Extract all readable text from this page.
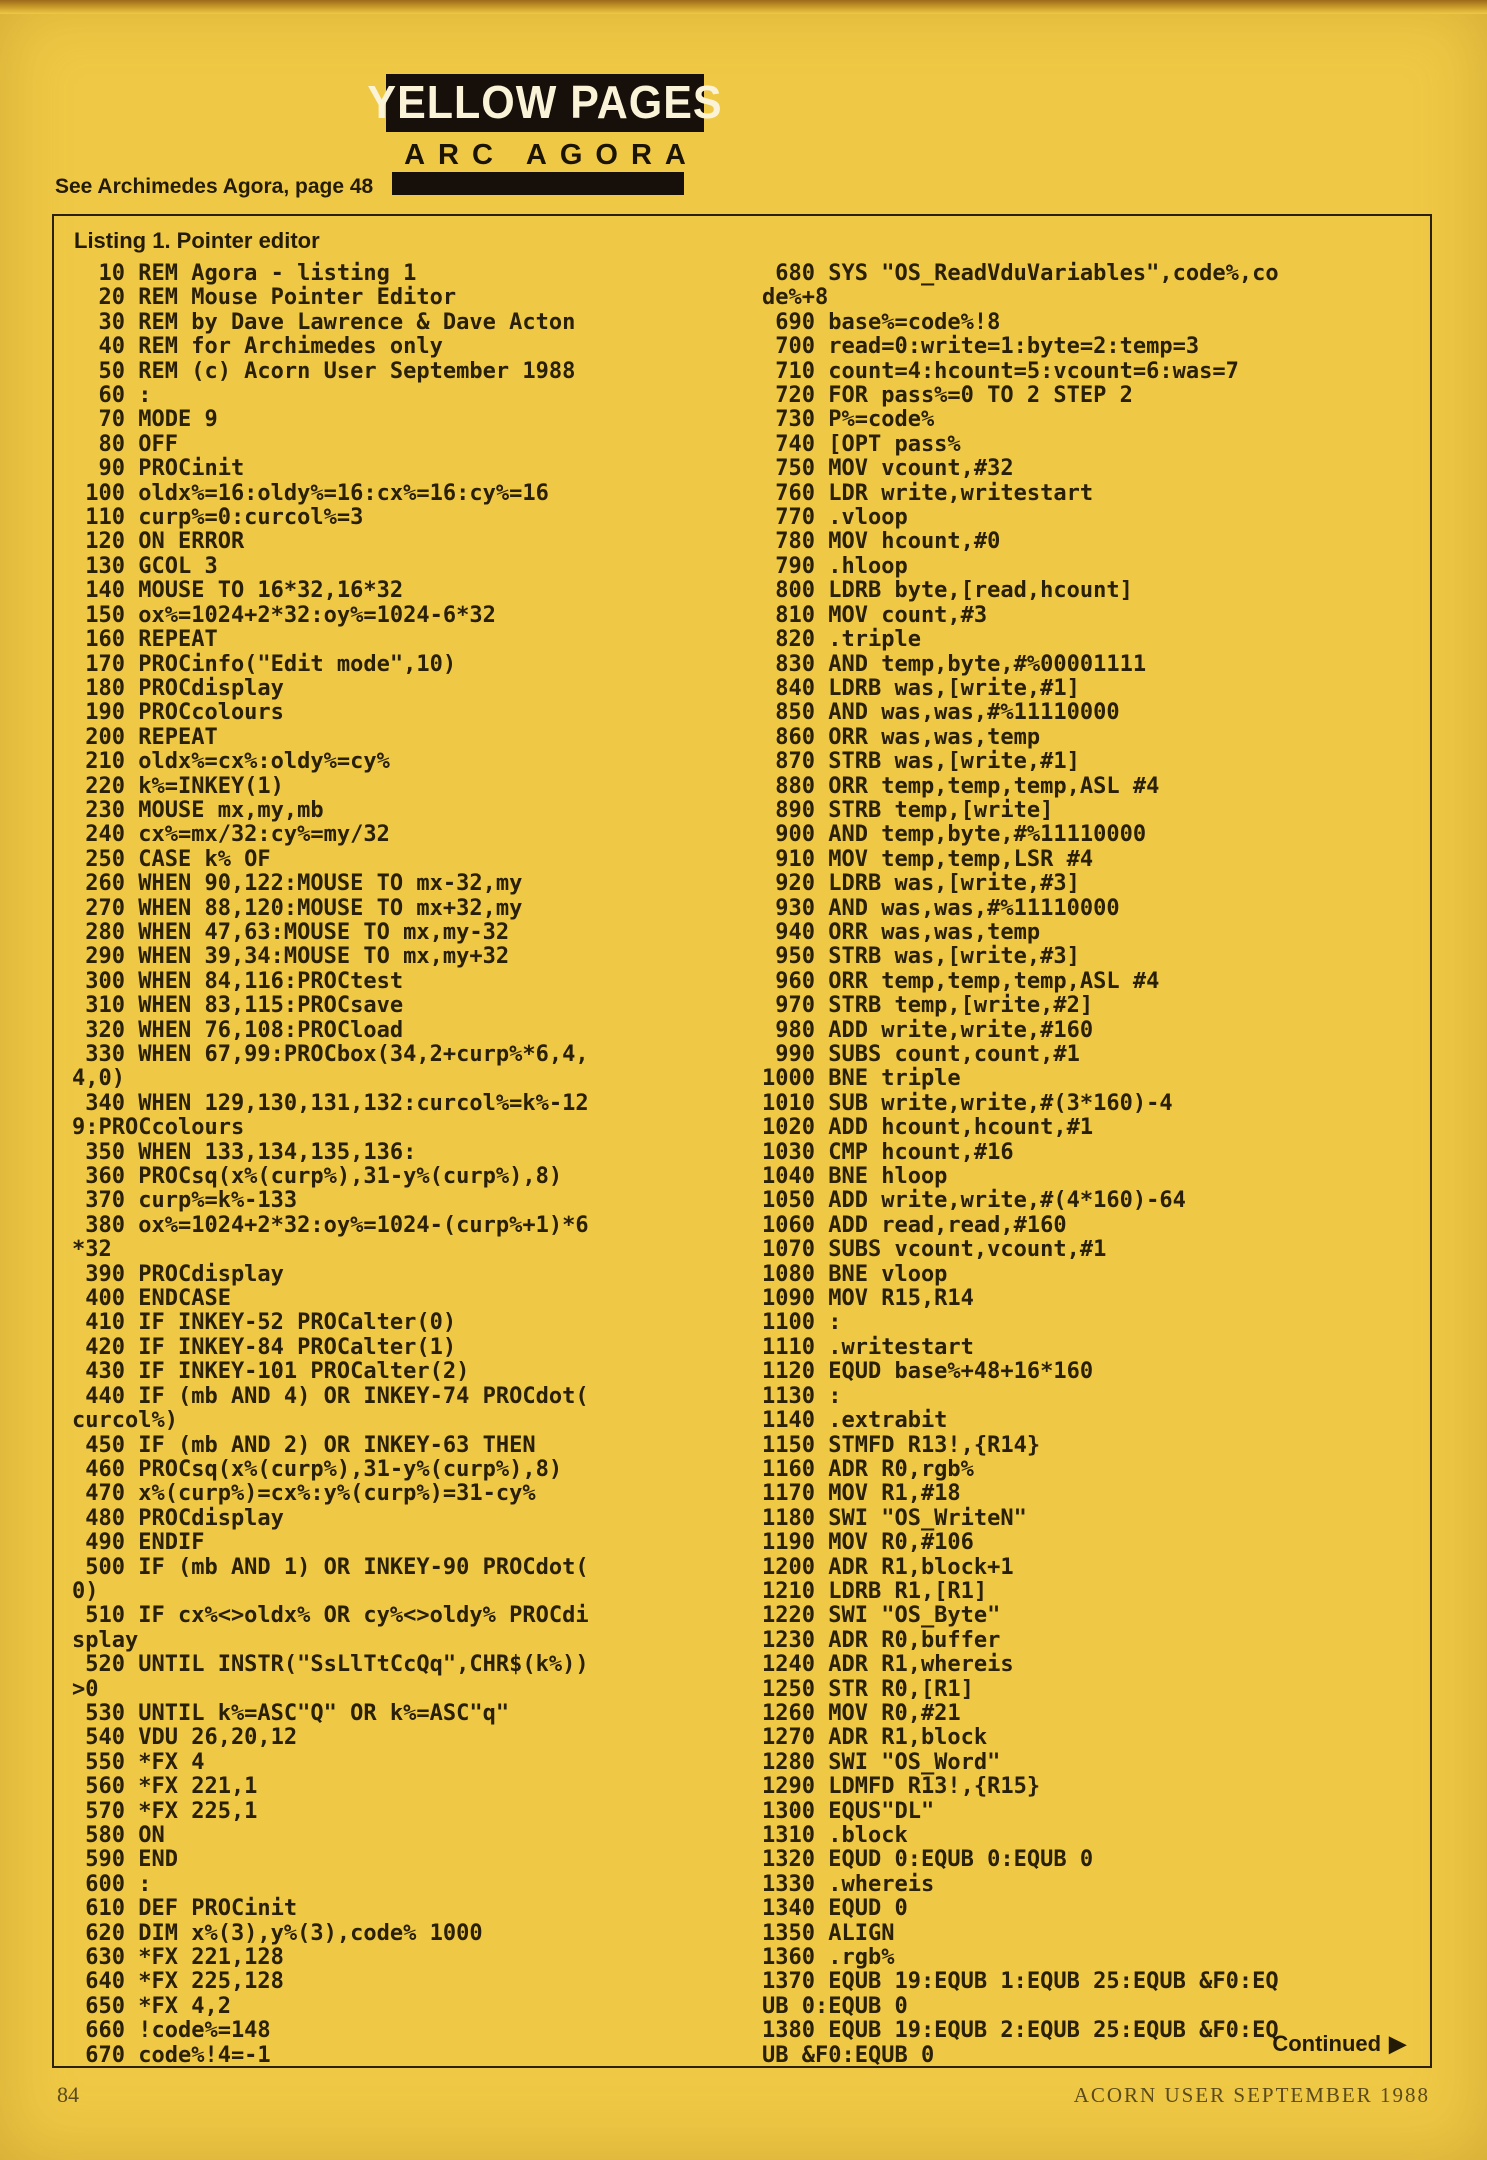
YELLOW PAGES
ARC AGORA
See Archimedes Agora, page 48
Listing 1. Pointer editor
10 REM Agora - listing 1
20 REM Mouse Pointer Editor
30 REM by Dave Lawrence & Dave Acton
40 REM for Archimedes only
50 REM (c) Acorn User September 1988
60 :
70 MODE 9
80 OFF
90 PROCinit
100 oldx%=16:oldy%=16:cx%=16:cy%=16
110 curp%=0:curcol%=3
120 ON ERROR
130 GCOL 3
140 MOUSE TO 16*32,16*32
150 ox%=1024+2*32:oy%=1024-6*32
160 REPEAT
170 PROCinfo("Edit mode",10)
180 PROCdisplay
190 PROCcolours
200 REPEAT
210 oldx%=cx%:oldy%=cy%
220 k%=INKEY(1)
230 MOUSE mx,my,mb
240 cx%=mx/32:cy%=my/32
250 CASE k% OF
260 WHEN 90,122:MOUSE TO mx-32,my
270 WHEN 88,120:MOUSE TO mx+32,my
280 WHEN 47,63:MOUSE TO mx,my-32
290 WHEN 39,34:MOUSE TO mx,my+32
300 WHEN 84,116:PROCtest
310 WHEN 83,115:PROCsave
320 WHEN 76,108:PROCload
330 WHEN 67,99:PROCbox(34,2+curp%*6,4,
4,0)
340 WHEN 129,130,131,132:curcol%=k%-12
9:PROCcolours
350 WHEN 133,134,135,136:
360 PROCsq(x%(curp%),31-y%(curp%),8)
370 curp%=k%-133
380 ox%=1024+2*32:oy%=1024-(curp%+1)*6
*32
390 PROCdisplay
400 ENDCASE
410 IF INKEY-52 PROCalter(0)
420 IF INKEY-84 PROCalter(1)
430 IF INKEY-101 PROCalter(2)
440 IF (mb AND 4) OR INKEY-74 PROCdot(
curcol%)
450 IF (mb AND 2) OR INKEY-63 THEN
460 PROCsq(x%(curp%),31-y%(curp%),8)
470 x%(curp%)=cx%:y%(curp%)=31-cy%
480 PROCdisplay
490 ENDIF
500 IF (mb AND 1) OR INKEY-90 PROCdot(
0)
510 IF cx%<>oldx% OR cy%<>oldy% PROCdi
splay
520 UNTIL INSTR("SsLlTtCcQq",CHR$(k%))
>0
530 UNTIL k%=ASC"Q" OR k%=ASC"q"
540 VDU 26,20,12
550 *FX 4
560 *FX 221,1
570 *FX 225,1
580 ON
590 END
600 :
610 DEF PROCinit
620 DIM x%(3),y%(3),code% 1000
630 *FX 221,128
640 *FX 225,128
650 *FX 4,2
660 !code%=148
670 code%!4=-1
680 SYS "OS_ReadVduVariables",code%,co
de%+8
690 base%=code%!8
700 read=0:write=1:byte=2:temp=3
710 count=4:hcount=5:vcount=6:was=7
720 FOR pass%=0 TO 2 STEP 2
730 P%=code%
740 [OPT pass%
750 MOV vcount,#32
760 LDR write,writestart
770 .vloop
780 MOV hcount,#0
790 .hloop
800 LDRB byte,[read,hcount]
810 MOV count,#3
820 .triple
830 AND temp,byte,#%00001111
840 LDRB was,[write,#1]
850 AND was,was,#%11110000
860 ORR was,was,temp
870 STRB was,[write,#1]
880 ORR temp,temp,temp,ASL #4
890 STRB temp,[write]
900 AND temp,byte,#%11110000
910 MOV temp,temp,LSR #4
920 LDRB was,[write,#3]
930 AND was,was,#%11110000
940 ORR was,was,temp
950 STRB was,[write,#3]
960 ORR temp,temp,temp,ASL #4
970 STRB temp,[write,#2]
980 ADD write,write,#160
990 SUBS count,count,#1
1000 BNE triple
1010 SUB write,write,#(3*160)-4
1020 ADD hcount,hcount,#1
1030 CMP hcount,#16
1040 BNE hloop
1050 ADD write,write,#(4*160)-64
1060 ADD read,read,#160
1070 SUBS vcount,vcount,#1
1080 BNE vloop
1090 MOV R15,R14
1100 :
1110 .writestart
1120 EQUD base%+48+16*160
1130 :
1140 .extrabit
1150 STMFD R13!,{R14}
1160 ADR R0,rgb%
1170 MOV R1,#18
1180 SWI "OS_WriteN"
1190 MOV R0,#106
1200 ADR R1,block+1
1210 LDRB R1,[R1]
1220 SWI "OS_Byte"
1230 ADR R0,buffer
1240 ADR R1,whereis
1250 STR R0,[R1]
1260 MOV R0,#21
1270 ADR R1,block
1280 SWI "OS_Word"
1290 LDMFD R13!,{R15}
1300 EQUS"DL"
1310 .block
1320 EQUD 0:EQUB 0:EQUB 0
1330 .whereis
1340 EQUD 0
1350 ALIGN
1360 .rgb%
1370 EQUB 19:EQUB 1:EQUB 25:EQUB &F0:EQ
UB 0:EQUB 0
1380 EQUB 19:EQUB 2:EQUB 25:EQUB &F0:EQ
UB &F0:EQUB 0	Continued ▶
84	ACORN USER SEPTEMBER 1988
